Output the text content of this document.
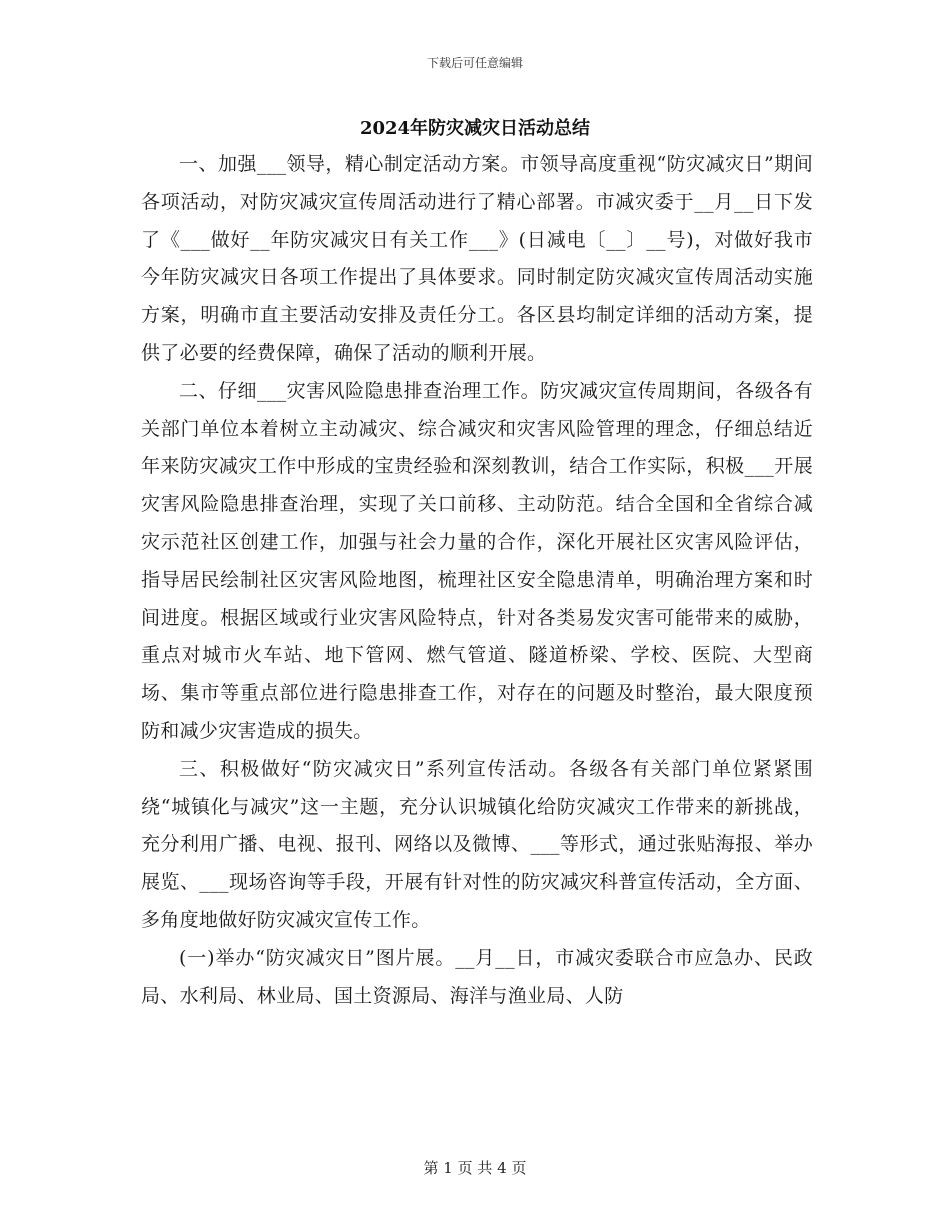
下载后可任意编辑
2024年防灾减灾日活动总结

一、加强___领导，精心制定活动方案。市领导高度重视“防灾减灾日”期间各项活动，对防灾减灾宣传周活动进行了精心部署。市减灾委于__月__日下发了《___做好__年防灾减灾日有关工作___》(日减电〔__〕__号)，对做好我市今年防灾减灾日各项工作提出了具体要求。同时制定防灾减灾宣传周活动实施方案，明确市直主要活动安排及责任分工。各区县均制定详细的活动方案，提供了必要的经费保障，确保了活动的顺利开展。

二、仔细___灾害风险隐患排查治理工作。防灾减灾宣传周期间，各级各有关部门单位本着树立主动减灾、综合减灾和灾害风险管理的理念，仔细总结近年来防灾减灾工作中形成的宝贵经验和深刻教训，结合工作实际，积极___开展灾害风险隐患排查治理，实现了关口前移、主动防范。结合全国和全省综合减灾示范社区创建工作，加强与社会力量的合作，深化开展社区灾害风险评估，指导居民绘制社区灾害风险地图，梳理社区安全隐患清单，明确治理方案和时间进度。根据区域或行业灾害风险特点，针对各类易发灾害可能带来的威胁，重点对城市火车站、地下管网、燃气管道、隧道桥梁、学校、医院、大型商场、集市等重点部位进行隐患排查工作，对存在的问题及时整治，最大限度预防和减少灾害造成的损失。

三、积极做好“防灾减灾日”系列宣传活动。各级各有关部门单位紧紧围绕“城镇化与减灾”这一主题，充分认识城镇化给防灾减灾工作带来的新挑战，充分利用广播、电视、报刊、网络以及微博、___等形式，通过张贴海报、举办展览、___现场咨询等手段，开展有针对性的防灾减灾科普宣传活动，全方面、多角度地做好防灾减灾宣传工作。

(一)举办“防灾减灾日”图片展。__月__日，市减灾委联合市应急办、民政局、水利局、林业局、国土资源局、海洋与渔业局、人防

第 1 页 共 4 页
